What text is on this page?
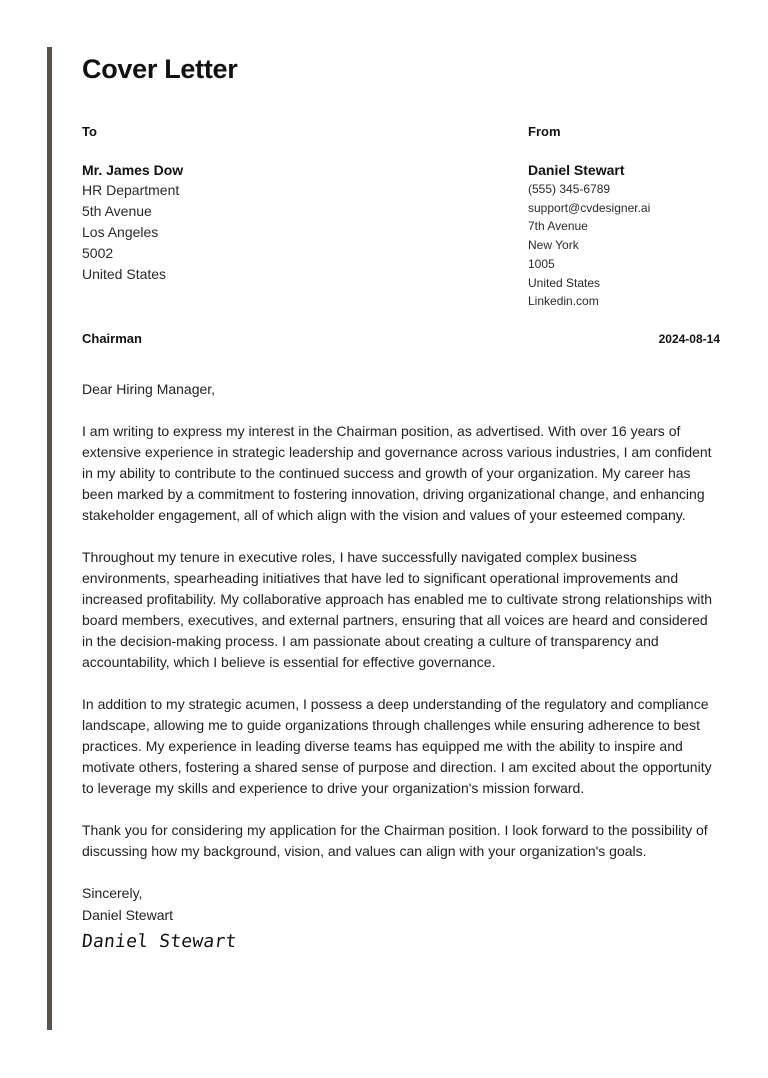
Cover Letter
To
Mr. James Dow
HR Department
5th Avenue
Los Angeles
5002
United States
From
Daniel Stewart
(555) 345-6789
support@cvdesigner.ai
7th Avenue
New York
1005
United States
Linkedin.com
Chairman	2024-08-14

Dear Hiring Manager,

I am writing to express my interest in the Chairman position, as advertised. With over 16 years of extensive experience in strategic leadership and governance across various industries, I am confident in my ability to contribute to the continued success and growth of your organization. My career has been marked by a commitment to fostering innovation, driving organizational change, and enhancing stakeholder engagement, all of which align with the vision and values of your esteemed company.

Throughout my tenure in executive roles, I have successfully navigated complex business environments, spearheading initiatives that have led to significant operational improvements and increased profitability. My collaborative approach has enabled me to cultivate strong relationships with board members, executives, and external partners, ensuring that all voices are heard and considered in the decision-making process. I am passionate about creating a culture of transparency and accountability, which I believe is essential for effective governance.

In addition to my strategic acumen, I possess a deep understanding of the regulatory and compliance landscape, allowing me to guide organizations through challenges while ensuring adherence to best practices. My experience in leading diverse teams has equipped me with the ability to inspire and motivate others, fostering a shared sense of purpose and direction. I am excited about the opportunity to leverage my skills and experience to drive your organization's mission forward.

Thank you for considering my application for the Chairman position. I look forward to the possibility of discussing how my background, vision, and values can align with your organization's goals.

Sincerely,
Daniel Stewart
Daniel Stewart
